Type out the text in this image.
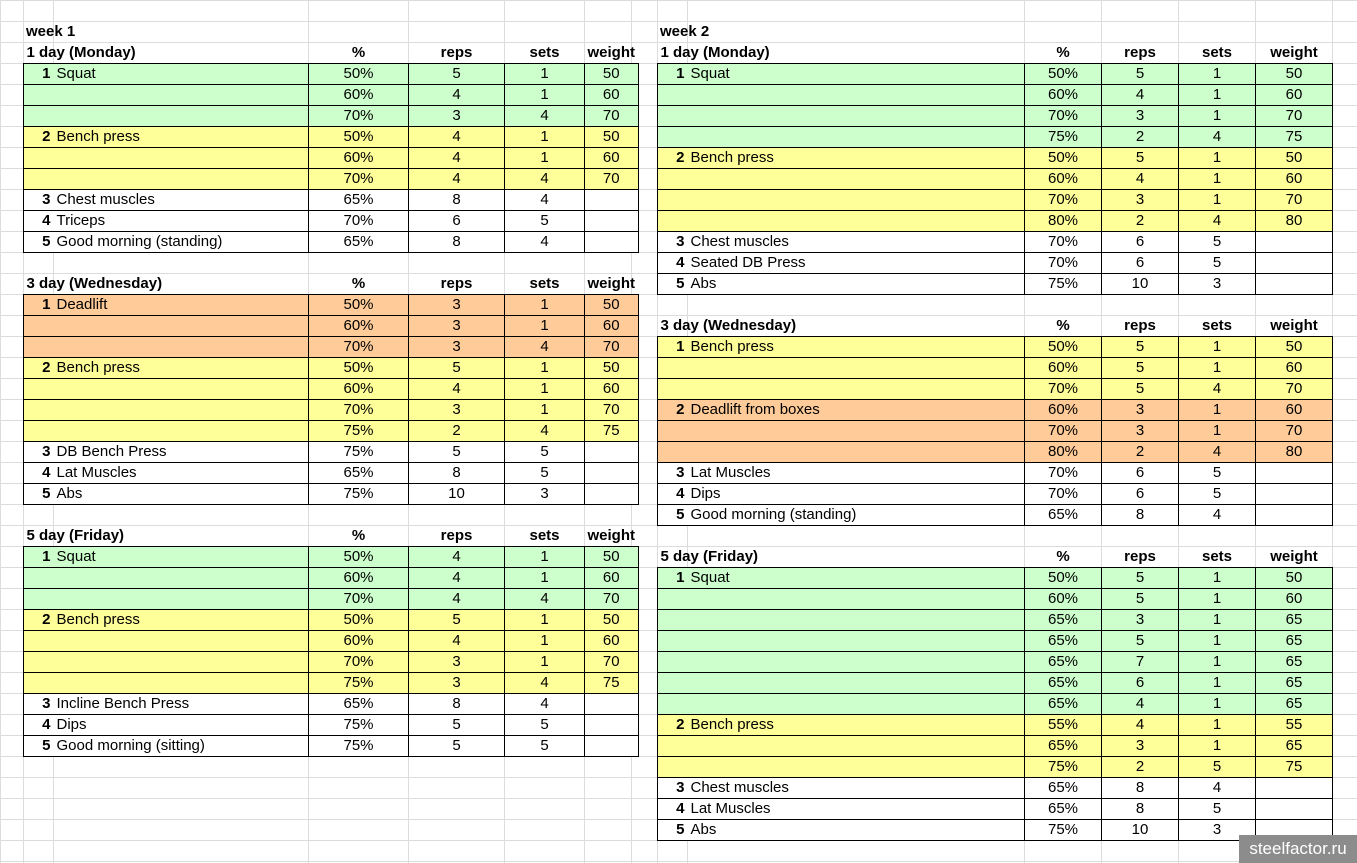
week 1
1 day (Monday)		%	reps	sets	weight
1	Squat	50%	5	1	50
		60%	4	1	60
		70%	3	4	70
2	Bench press	50%	4	1	50
		60%	4	1	60
		70%	4	4	70
3	Chest muscles	65%	8	4	
4	Triceps	70%	6	5	
5	Good morning (standing)	65%	8	4	
3 day (Wednesday)		%	reps	sets	weight
1	Deadlift	50%	3	1	50
		60%	3	1	60
		70%	3	4	70
2	Bench press	50%	5	1	50
		60%	4	1	60
		70%	3	1	70
		75%	2	4	75
3	DB Bench Press	75%	5	5	
4	Lat Muscles	65%	8	5	
5	Abs	75%	10	3	
5 day (Friday)		%	reps	sets	weight
1	Squat	50%	4	1	50
		60%	4	1	60
		70%	4	4	70
2	Bench press	50%	5	1	50
		60%	4	1	60
		70%	3	1	70
		75%	3	4	75
3	Incline Bench Press	65%	8	4	
4	Dips	75%	5	5	
5	Good morning (sitting)	75%	5	5	
week 2
1 day (Monday)		%	reps	sets	weight
1	Squat	50%	5	1	50
		60%	4	1	60
		70%	3	1	70
		75%	2	4	75
2	Bench press	50%	5	1	50
		60%	4	1	60
		70%	3	1	70
		80%	2	4	80
3	Chest muscles	70%	6	5	
4	Seated DB Press	70%	6	5	
5	Abs	75%	10	3	
3 day (Wednesday)		%	reps	sets	weight
1	Bench press	50%	5	1	50
		60%	5	1	60
		70%	5	4	70
2	Deadlift from boxes	60%	3	1	60
		70%	3	1	70
		80%	2	4	80
3	Lat Muscles	70%	6	5	
4	Dips	70%	6	5	
5	Good morning (standing)	65%	8	4	
5 day (Friday)		%	reps	sets	weight
1	Squat	50%	5	1	50
		60%	5	1	60
		65%	3	1	65
		65%	5	1	65
		65%	7	1	65
		65%	6	1	65
		65%	4	1	65
2	Bench press	55%	4	1	55
		65%	3	1	65
		75%	2	5	75
3	Chest muscles	65%	8	4	
4	Lat Muscles	65%	8	5	
5	Abs	75%	10	3	
steelfactor.ru
